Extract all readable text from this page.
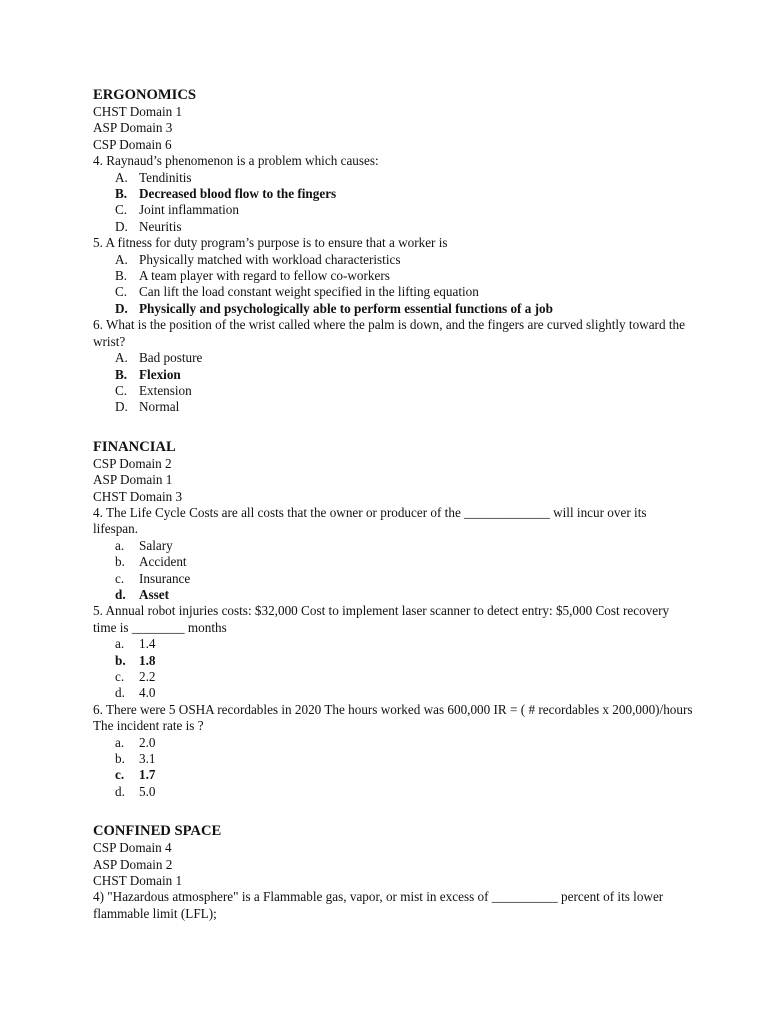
ERGONOMICS
CHST Domain 1
ASP Domain 3
CSP Domain 6
4. Raynaud’s phenomenon is a problem which causes:
A. Tendinitis
B. Decreased blood flow to the fingers
C. Joint inflammation
D. Neuritis
5. A fitness for duty program’s purpose is to ensure that a worker is
A. Physically matched with workload characteristics
B. A team player with regard to fellow co-workers
C. Can lift the load constant weight specified in the lifting equation
D. Physically and psychologically able to perform essential functions of a job
6. What is the position of the wrist called where the palm is down, and the fingers are curved slightly toward the wrist?
A. Bad posture
B. Flexion
C. Extension
D. Normal
FINANCIAL
CSP Domain 2
ASP Domain 1
CHST Domain 3
4. The Life Cycle Costs are all costs that the owner or producer of the _____________ will incur over its lifespan.
a.	Salary
b.	Accident
c.	Insurance
d.	Asset
5. Annual robot injuries costs: $32,000 Cost to implement laser scanner to detect entry: $5,000 Cost recovery time is ________ months
a.	1.4
b.	1.8
c.	2.2
d.	4.0
6. There were 5 OSHA recordables in 2020 The hours worked was 600,000 IR = ( # recordables x 200,000)/hours The incident rate is ?
a.	2.0
b.	3.1
c.	1.7
d.	5.0
CONFINED SPACE
CSP Domain 4
ASP Domain 2
CHST Domain 1
4) "Hazardous atmosphere" is a Flammable gas, vapor, or mist in excess of __________ percent of its lower flammable limit (LFL);
